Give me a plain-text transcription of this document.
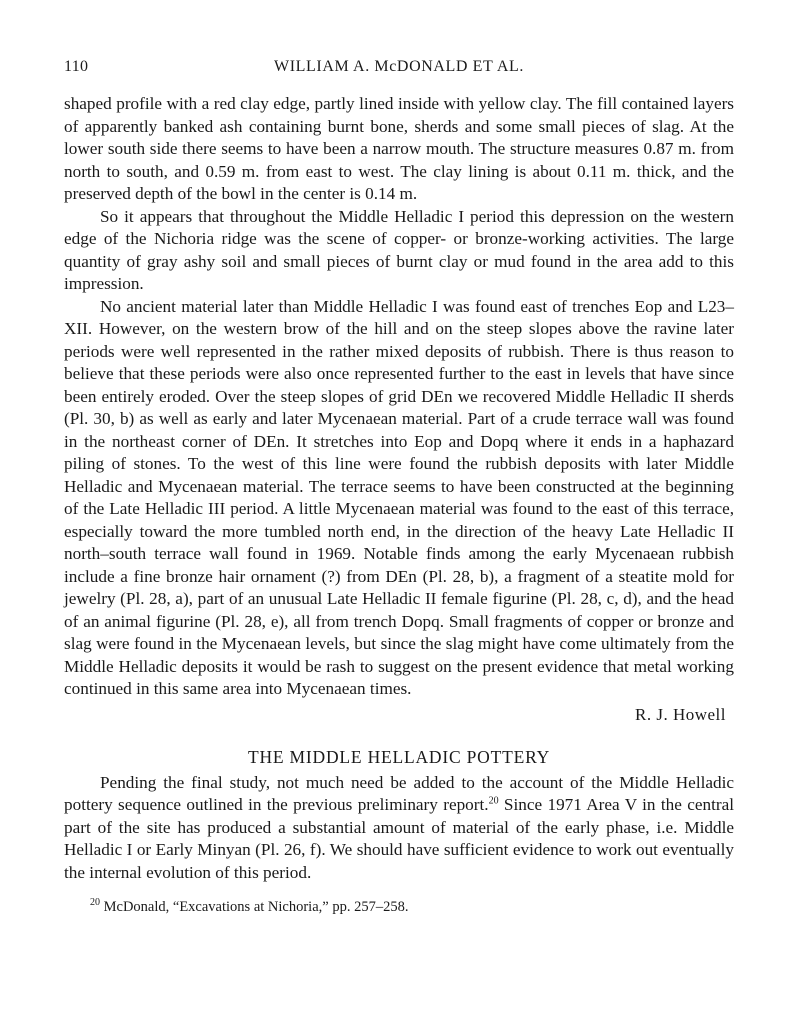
110	WILLIAM A. McDONALD ET AL.

shaped profile with a red clay edge, partly lined inside with yellow clay. The fill contained layers of apparently banked ash containing burnt bone, sherds and some small pieces of slag. At the lower south side there seems to have been a narrow mouth. The structure measures 0.87 m. from north to south, and 0.59 m. from east to west. The clay lining is about 0.11 m. thick, and the preserved depth of the bowl in the center is 0.14 m.

So it appears that throughout the Middle Helladic I period this depression on the western edge of the Nichoria ridge was the scene of copper- or bronze-working activities. The large quantity of gray ashy soil and small pieces of burnt clay or mud found in the area add to this impression.

No ancient material later than Middle Helladic I was found east of trenches Eop and L23–XII. However, on the western brow of the hill and on the steep slopes above the ravine later periods were well represented in the rather mixed deposits of rubbish. There is thus reason to believe that these periods were also once represented further to the east in levels that have since been entirely eroded. Over the steep slopes of grid DEn we recovered Middle Helladic II sherds (Pl. 30, b) as well as early and later Mycenaean material. Part of a crude terrace wall was found in the northeast corner of DEn. It stretches into Eop and Dopq where it ends in a haphazard piling of stones. To the west of this line were found the rubbish deposits with later Middle Helladic and Mycenaean material. The terrace seems to have been constructed at the beginning of the Late Helladic III period. A little Mycenaean material was found to the east of this terrace, especially toward the more tumbled north end, in the direction of the heavy Late Helladic II north–south terrace wall found in 1969. Notable finds among the early Mycenaean rubbish include a fine bronze hair ornament (?) from DEn (Pl. 28, b), a fragment of a steatite mold for jewelry (Pl. 28, a), part of an unusual Late Helladic II female figurine (Pl. 28, c, d), and the head of an animal figurine (Pl. 28, e), all from trench Dopq. Small fragments of copper or bronze and slag were found in the Mycenaean levels, but since the slag might have come ultimately from the Middle Helladic deposits it would be rash to suggest on the present evidence that metal working continued in this same area into Mycenaean times.

R. J. Howell
THE MIDDLE HELLADIC POTTERY

Pending the final study, not much need be added to the account of the Middle Helladic pottery sequence outlined in the previous preliminary report.$^{20}$ Since 1971 Area V in the central part of the site has produced a substantial amount of material of the early phase, i.e. Middle Helladic I or Early Minyan (Pl. 26, f). We should have sufficient evidence to work out eventually the internal evolution of this period.

$^{20}$ McDonald, “Excavations at Nichoria,” pp. 257–258.
